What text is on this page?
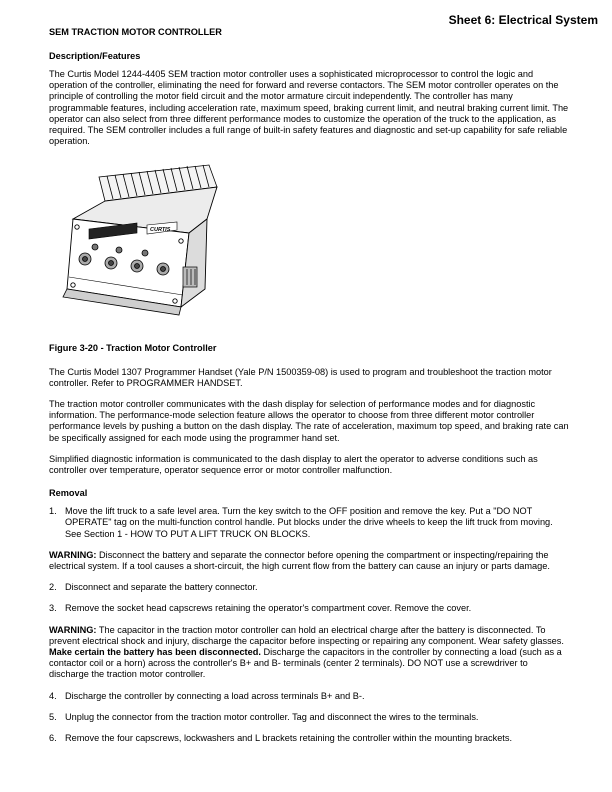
Sheet 6: Electrical System
SEM TRACTION MOTOR CONTROLLER
Description/Features

The Curtis Model 1244-4405 SEM traction motor controller uses a sophisticated microprocessor to control the logic and operation of the controller, eliminating the need for forward and reverse contactors. The SEM motor controller operates on the principle of controlling the motor field circuit and the motor armature circuit independently. The controller has many programmable features, including acceleration rate, maximum speed, braking current limit, and neutral braking current limit. The operator can also select from three different performance modes to customize the operation of the truck to the application, as required. The SEM controller includes a full range of built-in safety features and diagnostic and set-up capability for safe reliable operation.

CURTIS

Figure 3-20 - Traction Motor Controller

The Curtis Model 1307 Programmer Handset (Yale P/N 1500359-08) is used to program and troubleshoot the traction motor controller. Refer to PROGRAMMER HANDSET.

The traction motor controller communicates with the dash display for selection of performance modes and for diagnostic information. The performance-mode selection feature allows the operator to choose from three different motor controller performance levels by pushing a button on the dash display. The rate of acceleration, maximum top speed, and braking rate can be specifically assigned for each mode using the programmer hand set.

Simplified diagnostic information is communicated to the dash display to alert the operator to adverse conditions such as controller over temperature, operator sequence error or motor controller malfunction.

Removal
1. Move the lift truck to a safe level area. Turn the key switch to the OFF position and remove the key. Put a "DO NOT OPERATE" tag on the multi-function control handle. Put blocks under the drive wheels to keep the lift truck from moving. See Section 1 - HOW TO PUT A LIFT TRUCK ON BLOCKS.

WARNING: Disconnect the battery and separate the connector before opening the compartment or inspecting/repairing the electrical system. If a tool causes a short-circuit, the high current flow from the battery can cause an injury or parts damage.

2. Disconnect and separate the battery connector.
3. Remove the socket head capscrews retaining the operator's compartment cover. Remove the cover.

WARNING: The capacitor in the traction motor controller can hold an electrical charge after the battery is disconnected. To prevent electrical shock and injury, discharge the capacitor before inspecting or repairing any component. Wear safety glasses. Make certain the battery has been disconnected. Discharge the capacitors in the controller by connecting a load (such as a contactor coil or a horn) across the controller's B+ and B- terminals (center 2 terminals). DO NOT use a screwdriver to discharge the traction motor controller.

4. Discharge the controller by connecting a load across terminals B+ and B-.
5. Unplug the connector from the traction motor controller. Tag and disconnect the wires to the terminals.
6. Remove the four capscrews, lockwashers and L brackets retaining the controller within the mounting brackets.
